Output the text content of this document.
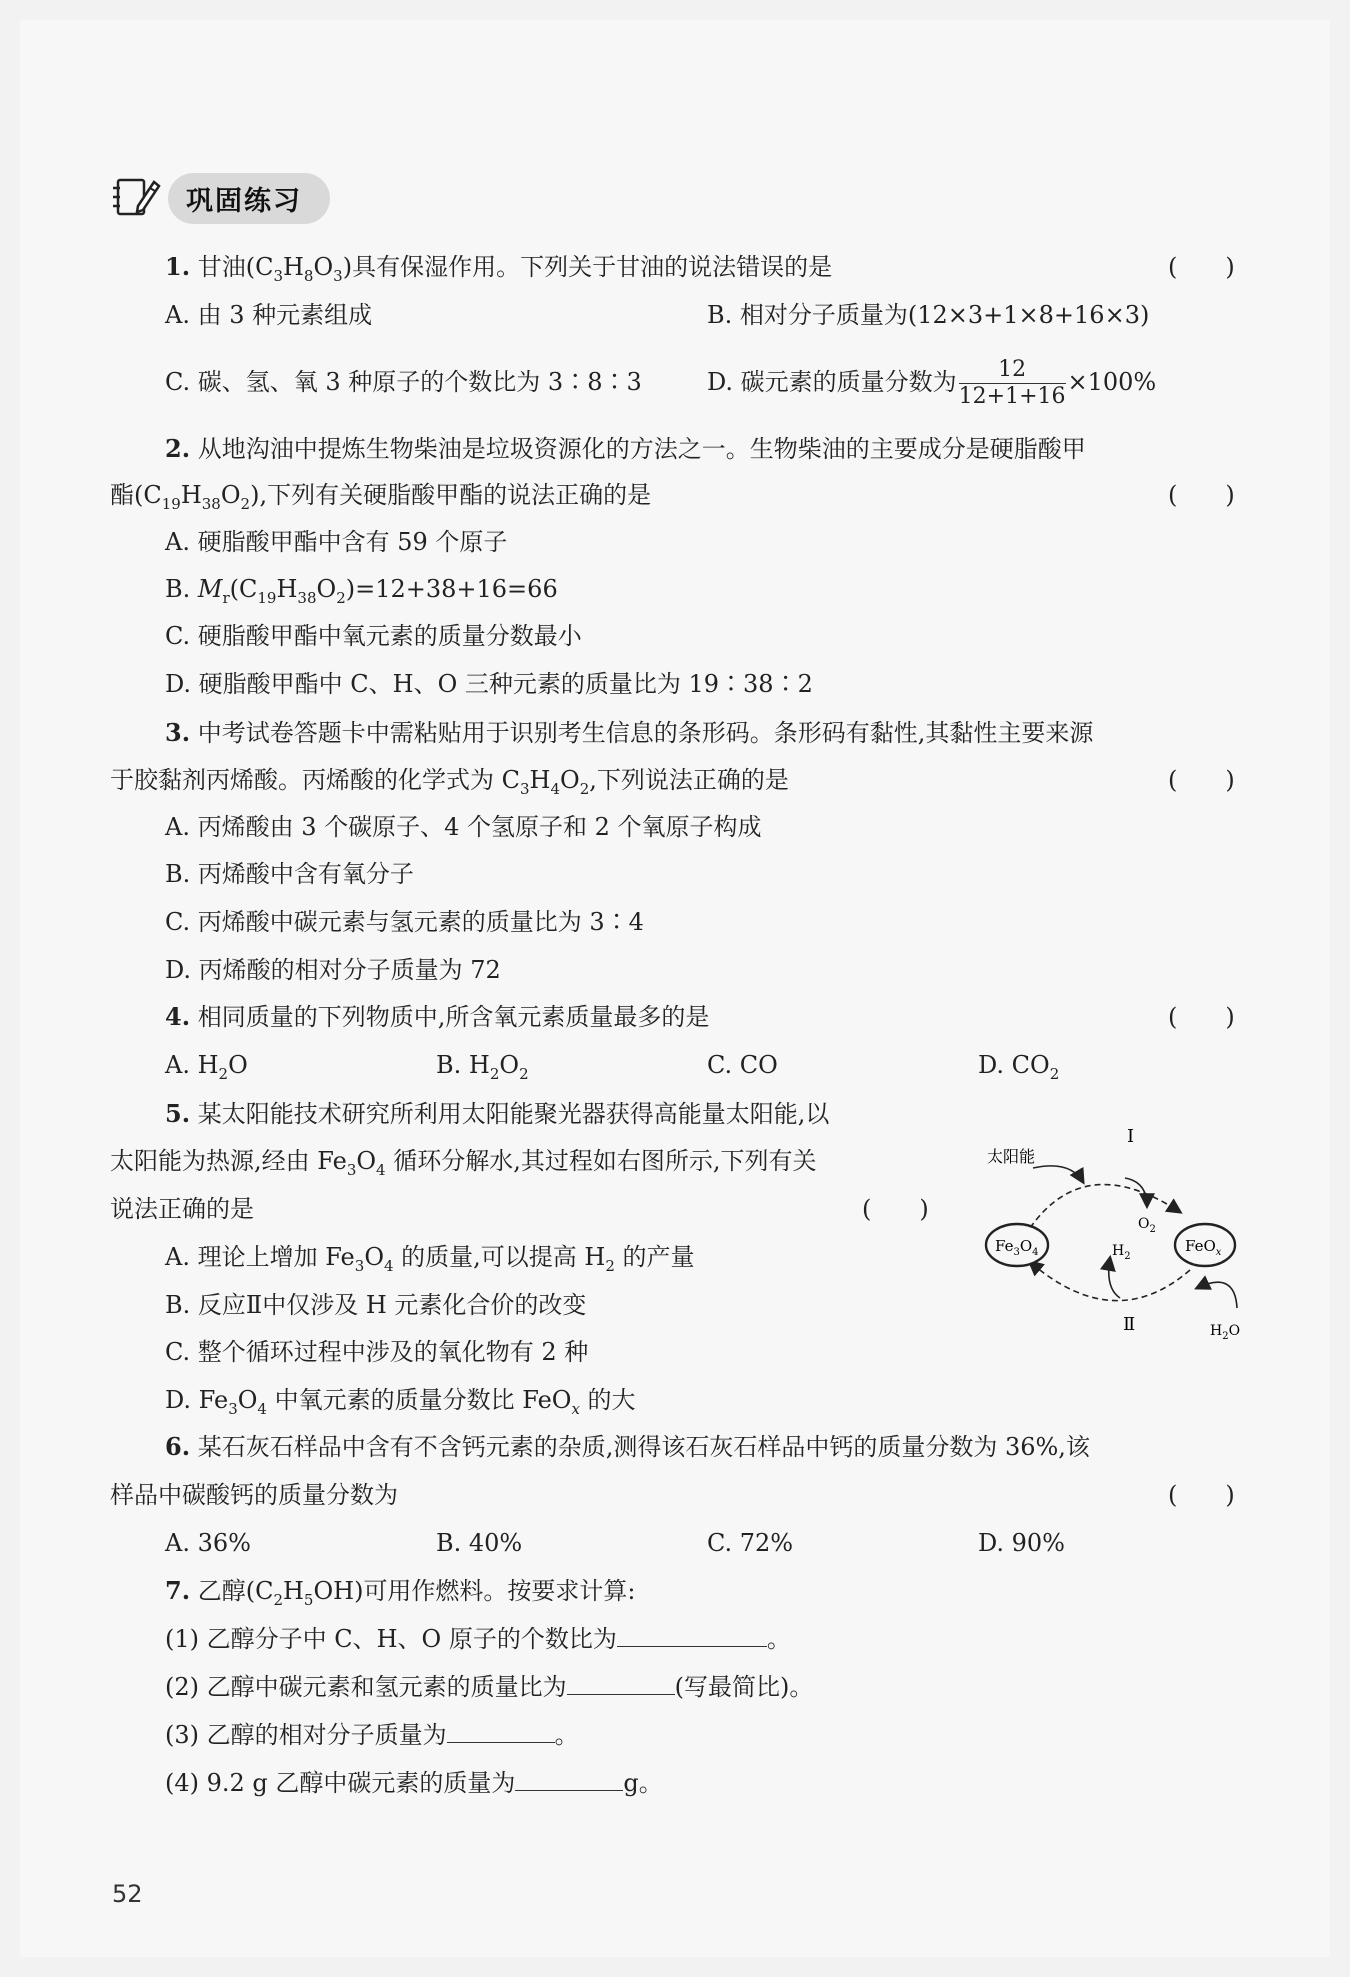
巩固练习
1. 甘油$(C_3H_8O_3)$具有保湿作用。下列关于甘油的说法错误的是	(　　)
A. 由 3 种元素组成	B. 相对分子质量为(12×3+1×8+16×3)
C. 碳、氢、氧 3 种原子的个数比为 3∶8∶3	D. 碳元素的质量分数为 $\frac{12}{12+1+16} \times 100\%$
2. 从地沟油中提炼生物柴油是垃圾资源化的方法之一。生物柴油的主要成分是硬脂酸甲
酯$(C_{19}H_{38}O_2)$,下列有关硬脂酸甲酯的说法正确的是	(　　)
A. 硬脂酸甲酯中含有 59 个原子
B. $M_r(C_{19}H_{38}O_2)=12+38+16=66$
C. 硬脂酸甲酯中氧元素的质量分数最小
D. 硬脂酸甲酯中 C、H、O 三种元素的质量比为 19∶38∶2
3. 中考试卷答题卡中需粘贴用于识别考生信息的条形码。条形码有黏性,其黏性主要来源
于胶黏剂丙烯酸。丙烯酸的化学式为 $C_3H_4O_2$,下列说法正确的是	(　　)
A. 丙烯酸由 3 个碳原子、4 个氢原子和 2 个氧原子构成
B. 丙烯酸中含有氧分子
C. 丙烯酸中碳元素与氢元素的质量比为 3∶4
D. 丙烯酸的相对分子质量为 72
4. 相同质量的下列物质中,所含氧元素质量最多的是	(　　)
A. $H_2O$	B. $H_2O_2$	C. CO	D. $CO_2$
5. 某太阳能技术研究所利用太阳能聚光器获得高能量太阳能,以
太阳能为热源,经由 $Fe_3O_4$ 循环分解水,其过程如右图所示,下列有关
说法正确的是	(　　)
A. 理论上增加 $Fe_3O_4$ 的质量,可以提高 $H_2$ 的产量
B. 反应Ⅱ中仅涉及 H 元素化合价的改变
C. 整个循环过程中涉及的氧化物有 2 种
D. $Fe_3O_4$ 中氧元素的质量分数比 FeO$_x$ 的大
太阳能
Ⅰ
Ⅱ
$O_2$
$H_2$
$H_2O$
$Fe_3O_4$	FeO$_x$
6. 某石灰石样品中含有不含钙元素的杂质,测得该石灰石样品中钙的质量分数为 36%,该
样品中碳酸钙的质量分数为	(　　)
A. 36%	B. 40%	C. 72%	D. 90%
7. 乙醇$(C_2H_5OH)$可用作燃料。按要求计算:
(1) 乙醇分子中 C、H、O 原子的个数比为	。
(2) 乙醇中碳元素和氢元素的质量比为	(写最简比)。
(3) 乙醇的相对分子质量为	。
(4) 9.2 g 乙醇中碳元素的质量为	g。
52
